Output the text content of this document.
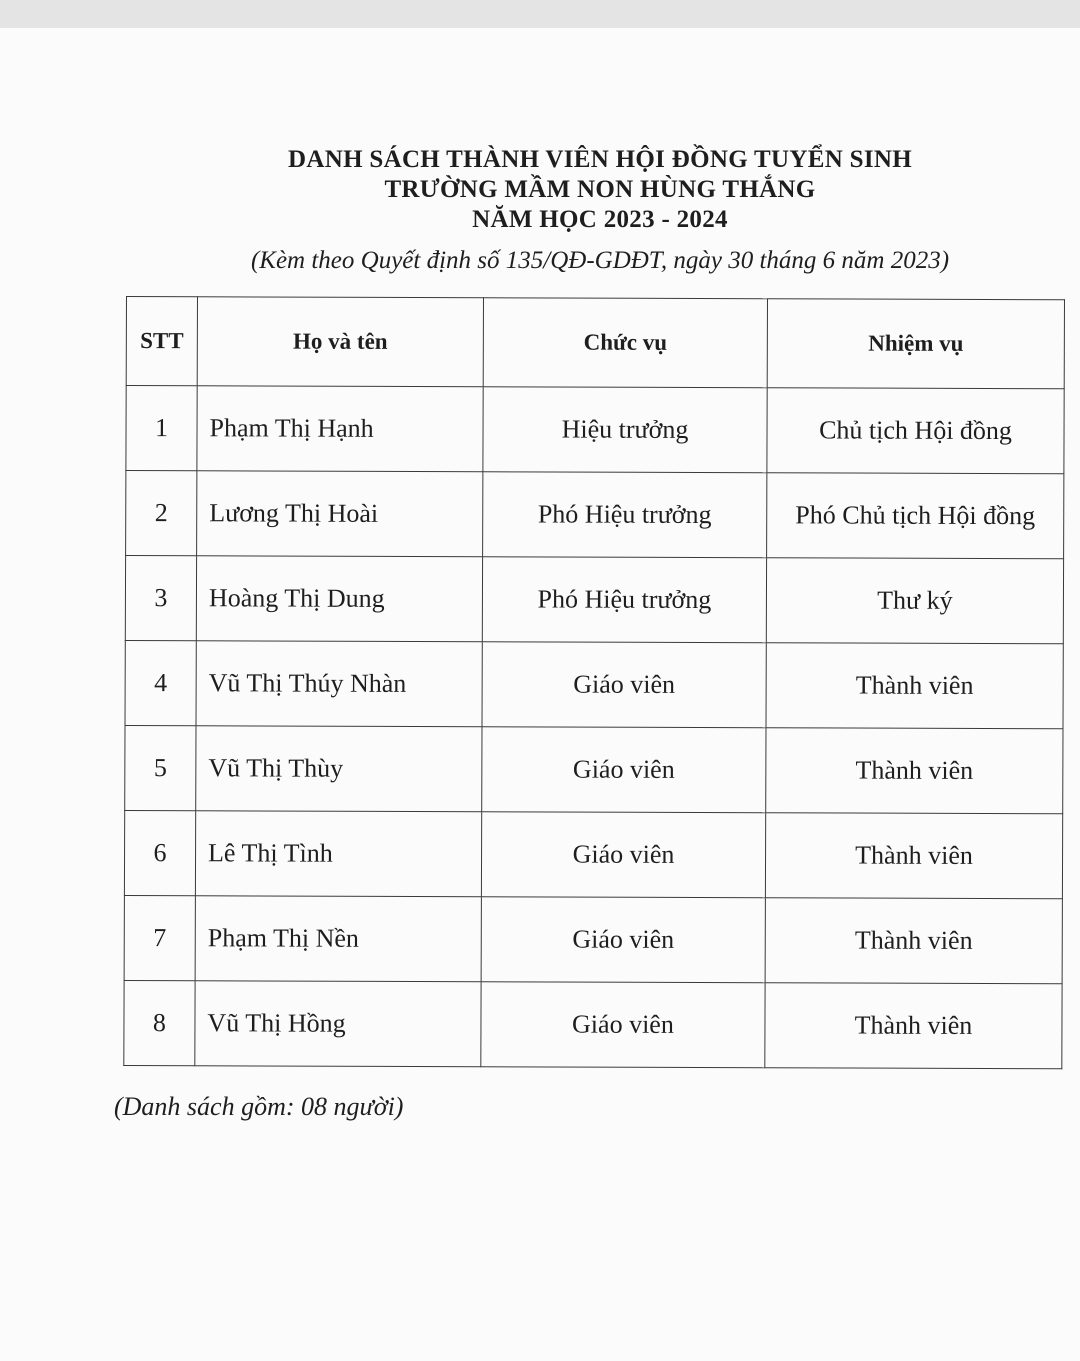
DANH SÁCH THÀNH VIÊN HỘI ĐỒNG TUYỂN SINH
TRƯỜNG MẦM NON HÙNG THẮNG
NĂM HỌC 2023 - 2024
(Kèm theo Quyết định số 135/QĐ-GDĐT, ngày 30 tháng 6 năm 2023)
STT	Họ và tên	Chức vụ	Nhiệm vụ
1	Phạm Thị Hạnh	Hiệu trưởng	Chủ tịch Hội đồng
2	Lương Thị Hoài	Phó Hiệu trưởng	Phó Chủ tịch Hội đồng
3	Hoàng Thị Dung	Phó Hiệu trưởng	Thư ký
4	Vũ Thị Thúy Nhàn	Giáo viên	Thành viên
5	Vũ Thị Thùy	Giáo viên	Thành viên
6	Lê Thị Tình	Giáo viên	Thành viên
7	Phạm Thị Nền	Giáo viên	Thành viên
8	Vũ Thị Hồng	Giáo viên	Thành viên
(Danh sách gồm: 08 người)
